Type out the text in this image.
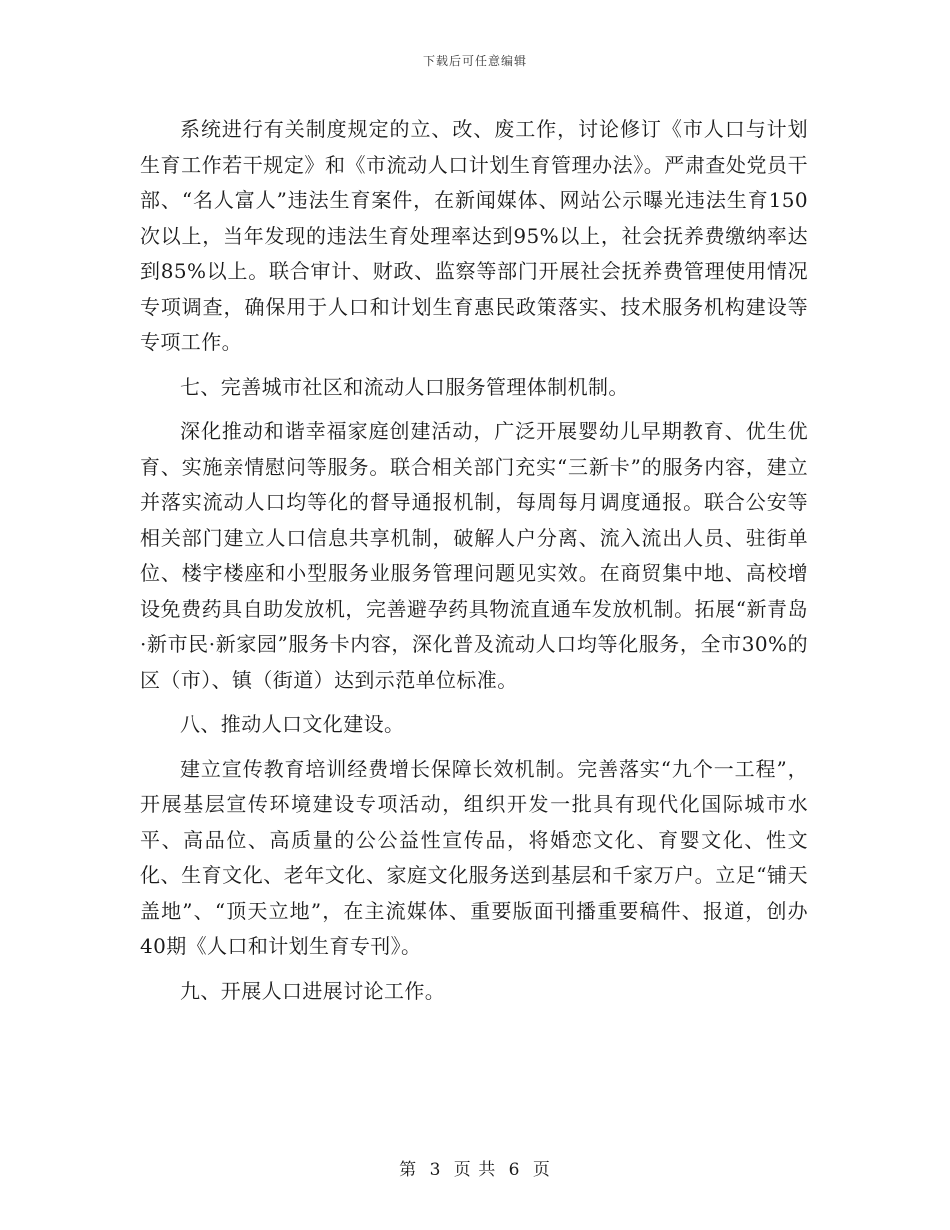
下载后可任意编辑

系统进行有关制度规定的立、改、废工作，讨论修订《市人口与计划生育工作若干规定》和《市流动人口计划生育管理办法》。严肃查处党员干部、“名人富人”违法生育案件，在新闻媒体、网站公示曝光违法生育150次以上，当年发现的违法生育处理率达到95%以上，社会抚养费缴纳率达到85%以上。联合审计、财政、监察等部门开展社会抚养费管理使用情况专项调查，确保用于人口和计划生育惠民政策落实、技术服务机构建设等专项工作。

七、完善城市社区和流动人口服务管理体制机制。

深化推动和谐幸福家庭创建活动，广泛开展婴幼儿早期教育、优生优育、实施亲情慰问等服务。联合相关部门充实“三新卡”的服务内容，建立并落实流动人口均等化的督导通报机制，每周每月调度通报。联合公安等相关部门建立人口信息共享机制，破解人户分离、流入流出人员、驻街单位、楼宇楼座和小型服务业服务管理问题见实效。在商贸集中地、高校增设免费药具自助发放机，完善避孕药具物流直通车发放机制。拓展“新青岛·新市民·新家园”服务卡内容，深化普及流动人口均等化服务，全市30%的区（市）、镇（街道）达到示范单位标准。

八、推动人口文化建设。

建立宣传教育培训经费增长保障长效机制。完善落实“九个一工程”，开展基层宣传环境建设专项活动，组织开发一批具有现代化国际城市水平、高品位、高质量的公公益性宣传品，将婚恋文化、育婴文化、性文化、生育文化、老年文化、家庭文化服务送到基层和千家万户。立足“铺天盖地”、“顶天立地”，在主流媒体、重要版面刊播重要稿件、报道，创办40期《人口和计划生育专刊》。

九、开展人口进展讨论工作。

第 3 页 共 6 页
